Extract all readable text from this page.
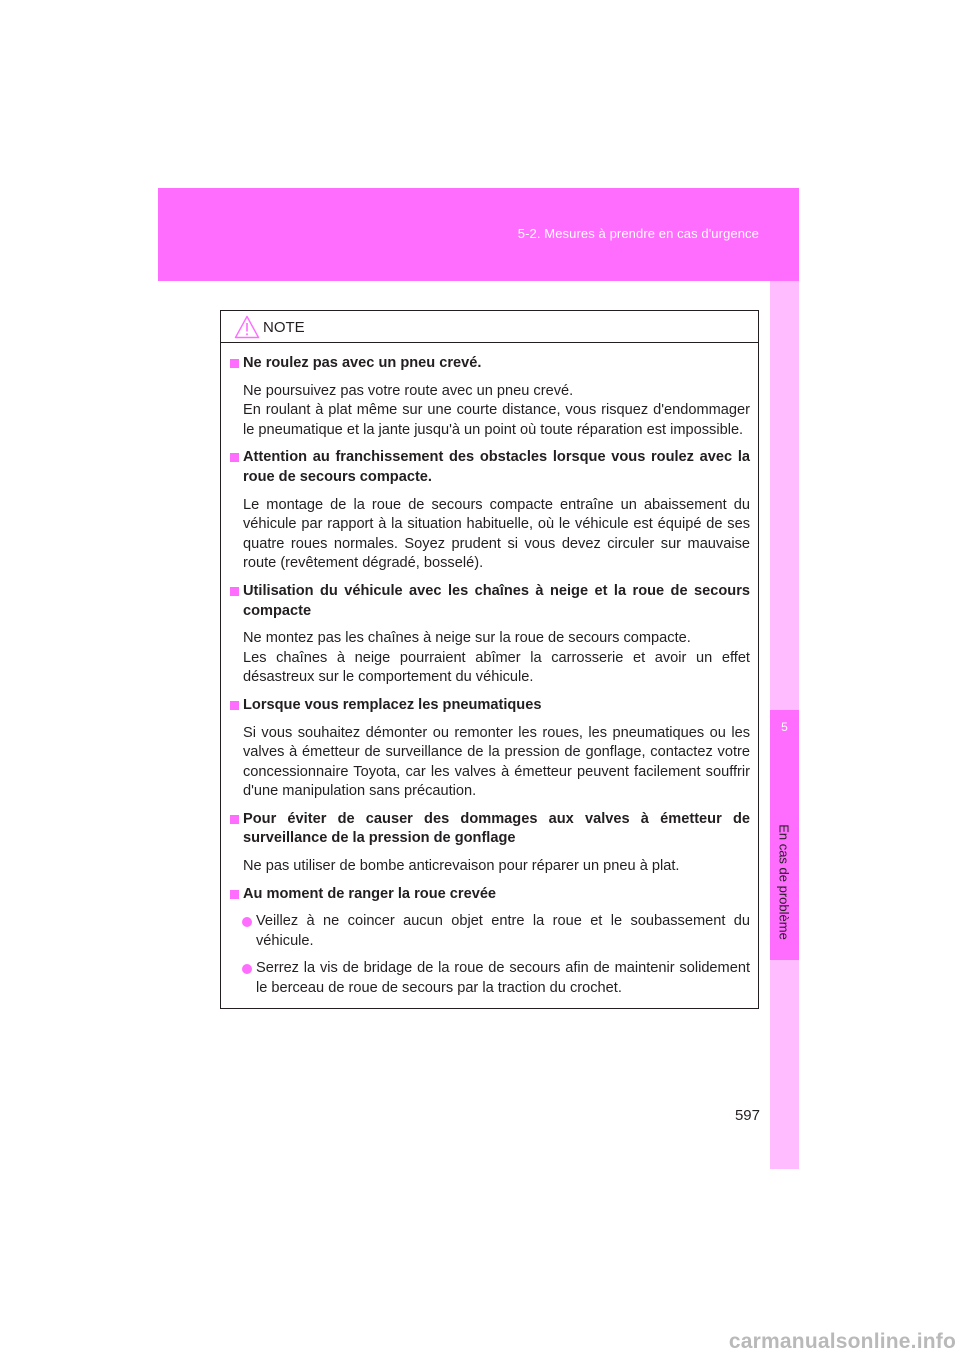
5-2. Mesures à prendre en cas d'urgence
5
En cas de problème
NOTE
Ne roulez pas avec un pneu crevé.
Ne poursuivez pas votre route avec un pneu crevé.
En roulant à plat même sur une courte distance, vous risquez d'endommager le pneumatique et la jante jusqu'à un point où toute réparation est impossible.
Attention au franchissement des obstacles lorsque vous roulez avec la roue de secours compacte.
Le montage de la roue de secours compacte entraîne un abaissement du véhicule par rapport à la situation habituelle, où le véhicule est équipé de ses quatre roues normales. Soyez prudent si vous devez circuler sur mauvaise route (revêtement dégradé, bosselé).
Utilisation du véhicule avec les chaînes à neige et la roue de secours compacte
Ne montez pas les chaînes à neige sur la roue de secours compacte.
Les chaînes à neige pourraient abîmer la carrosserie et avoir un effet désastreux sur le comportement du véhicule.
Lorsque vous remplacez les pneumatiques
Si vous souhaitez démonter ou remonter les roues, les pneumatiques ou les valves à émetteur de surveillance de la pression de gonflage, contactez votre concessionnaire Toyota, car les valves à émetteur peuvent facilement souffrir d'une manipulation sans précaution.
Pour éviter de causer des dommages aux valves à émetteur de surveillance de la pression de gonflage
Ne pas utiliser de bombe anticrevaison pour réparer un pneu à plat.
Au moment de ranger la roue crevée
Veillez à ne coincer aucun objet entre la roue et le soubassement du véhicule.
Serrez la vis de bridage de la roue de secours afin de maintenir solidement le berceau de roue de secours par la traction du crochet.
597
carmanualsonline.info
